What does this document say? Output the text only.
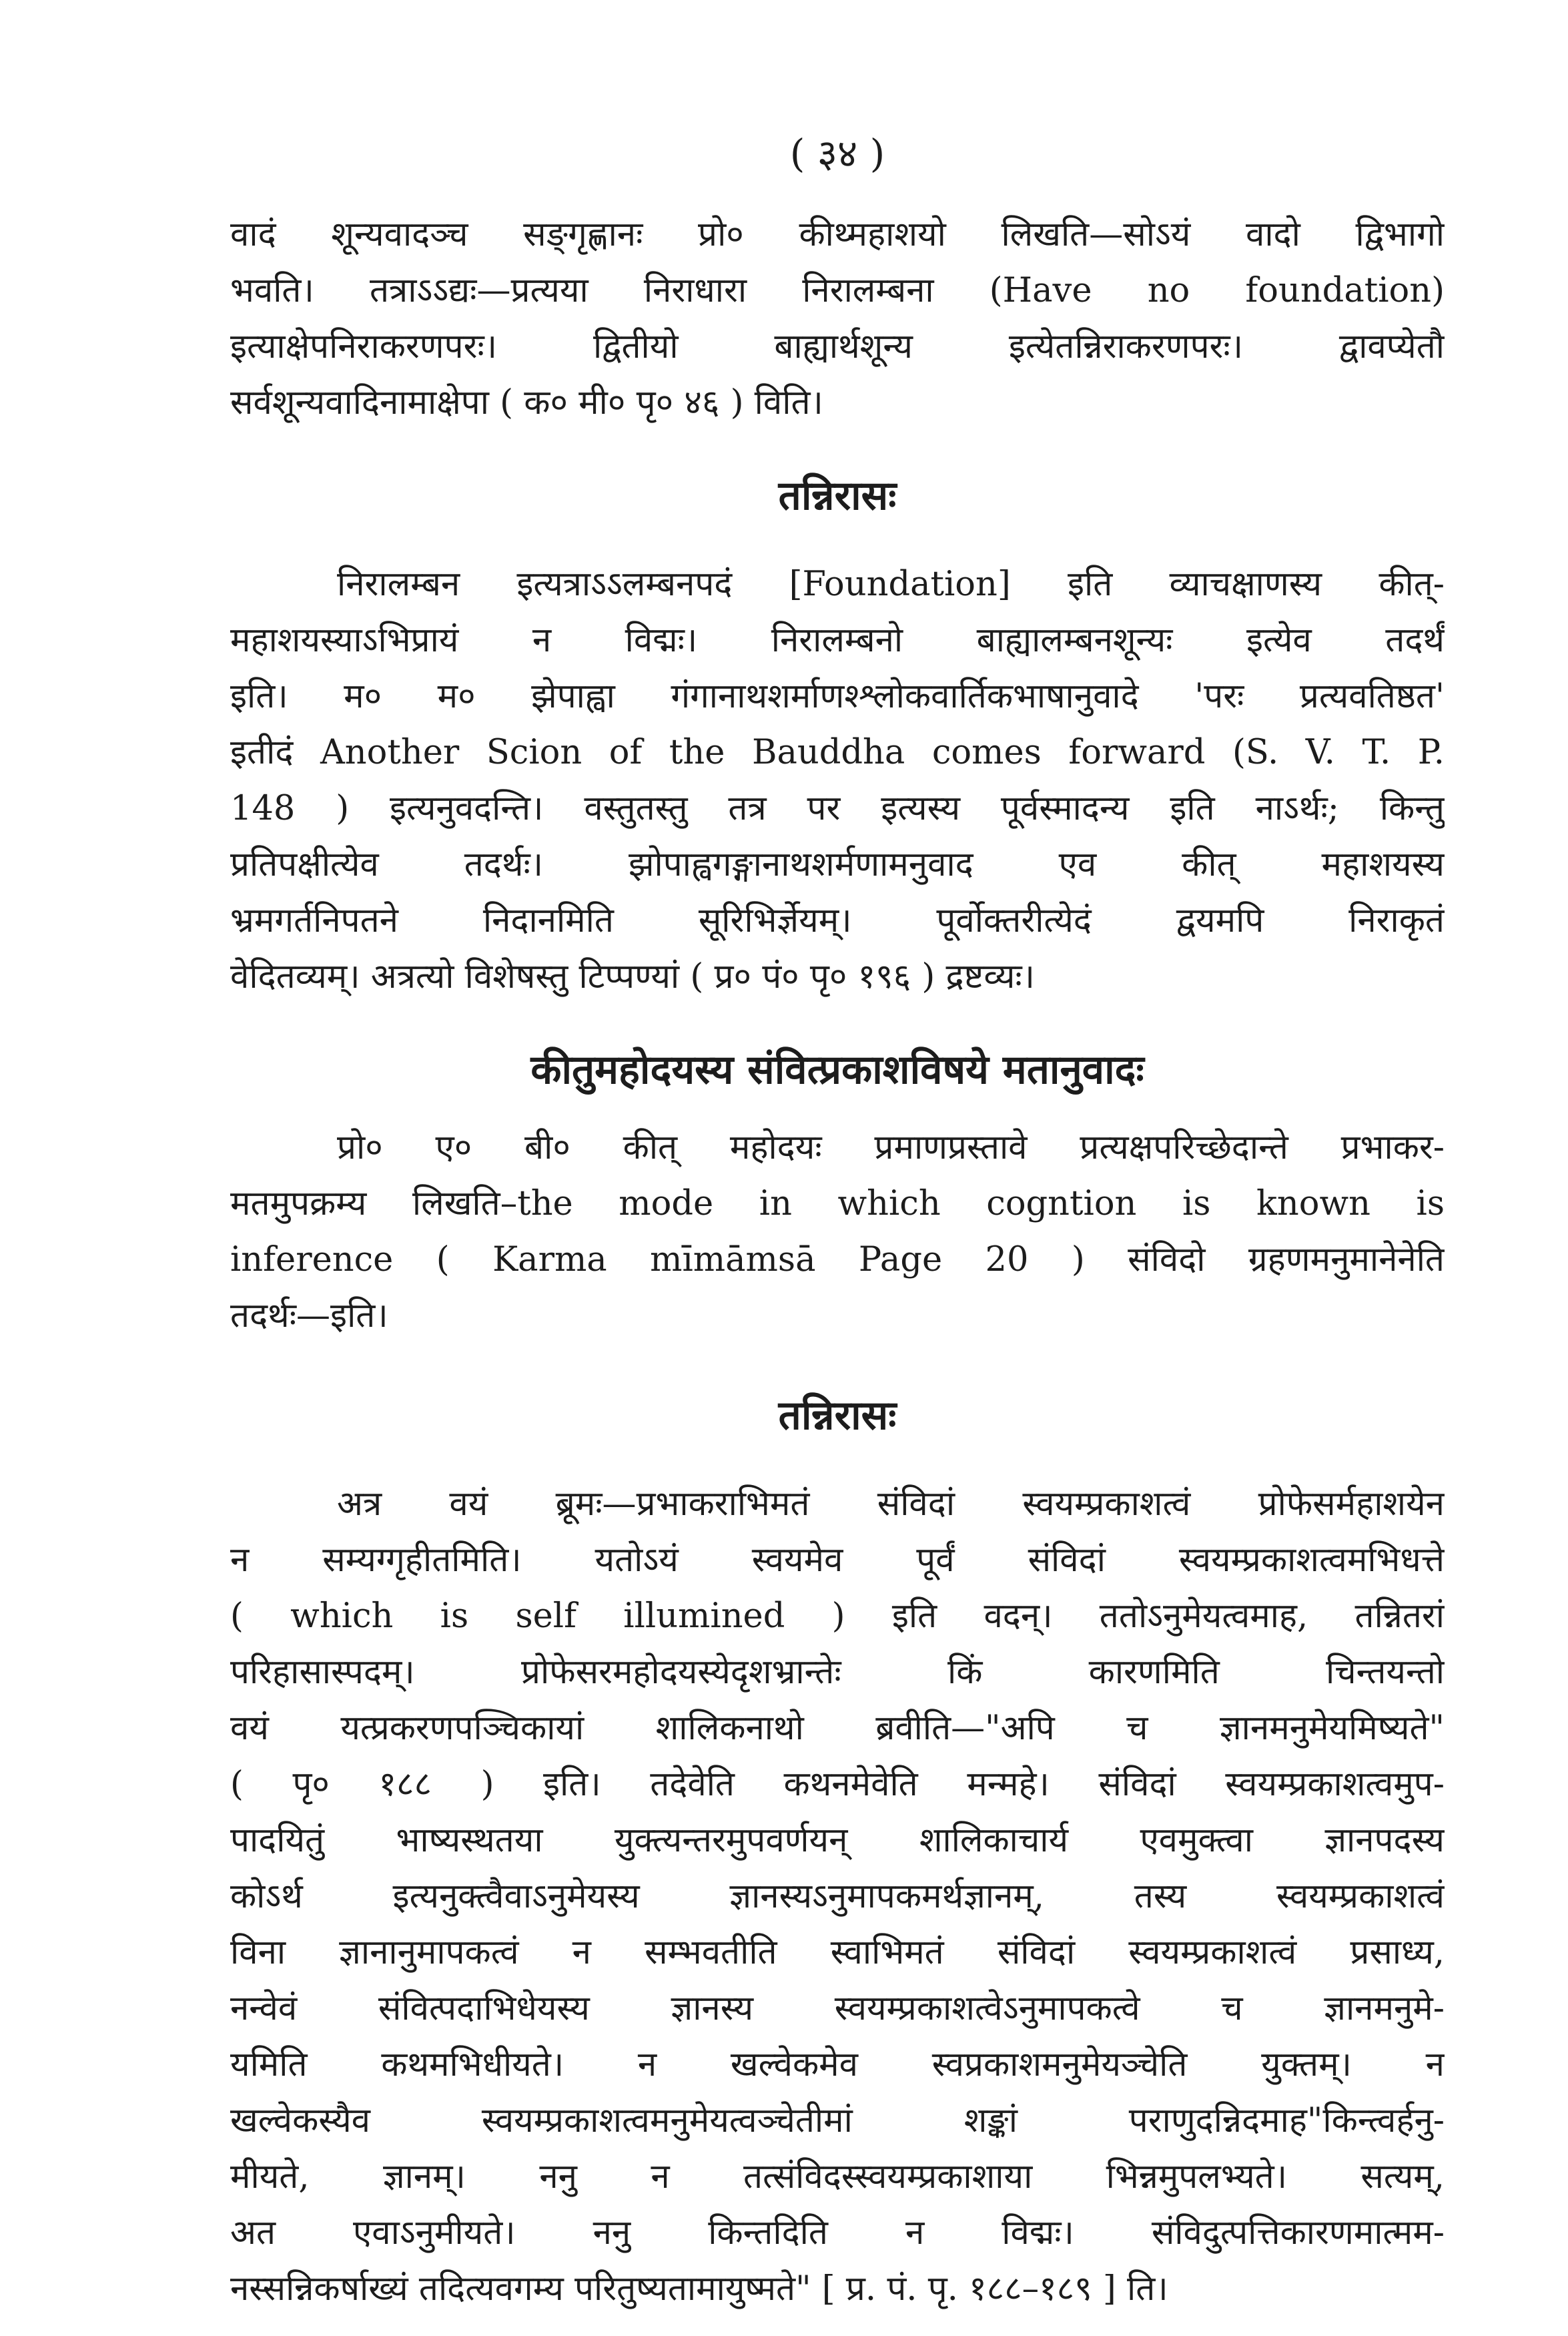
( ३४ )

वादं शून्यवादञ्च सङ्गृह्णानः प्रो० कीथ्महाशयो लिखति—सोऽयं वादो द्विभागो
भवति। तत्राऽऽद्यः—प्रत्यया निराधारा निरालम्बना (Have no foundation)
इत्याक्षेपनिराकरणपरः। द्वितीयो बाह्यार्थशून्य इत्येतन्निराकरणपरः। द्वावप्येतौ
सर्वशून्यवादिनामाक्षेपा ( क० मी० पृ० ४६ ) विति।

तन्निरासः

निरालम्बन इत्यत्राऽऽलम्बनपदं [Foundation] इति व्याचक्षाणस्य कीत्-
महाशयस्याऽभिप्रायं न विद्मः। निरालम्बनो बाह्यालम्बनशून्यः इत्येव तदर्थं
इति। म० म० झेपाह्वा गंगानाथशर्माणश्श्लोकवार्तिकभाषानुवादे 'परः प्रत्यवतिष्ठत'
इतीदं Another Scion of the Bauddha comes forward (S. V. T. P.
148 ) इत्यनुवदन्ति। वस्तुतस्तु तत्र पर इत्यस्य पूर्वस्मादन्य इति नाऽर्थः; किन्तु
प्रतिपक्षीत्येव तदर्थः। झोपाह्वगङ्गानाथशर्मणामनुवाद एव कीत् महाशयस्य
भ्रमगर्तनिपतने निदानमिति सूरिभिर्ज्ञेयम्। पूर्वोक्तरीत्येदं द्वयमपि निराकृतं
वेदितव्यम्। अत्रत्यो विशेषस्तु टिप्पण्यां ( प्र० पं० पृ० १९६ ) द्रष्टव्यः।

कीतुमहोदयस्य संवित्प्रकाशविषये मतानुवादः

प्रो० ए० बी० कीत् महोदयः प्रमाणप्रस्तावे प्रत्यक्षपरिच्छेदान्ते प्रभाकर-
मतमुपक्रम्य लिखति–the mode in which cogntion is known is
inference ( Karma mīmāmsā Page 20 ) संविदो ग्रहणमनुमानेनेति
तदर्थः—इति।

तन्निरासः

अत्र वयं ब्रूमः—प्रभाकराभिमतं संविदां स्वयम्प्रकाशत्वं प्रोफेसर्महाशयेन
न सम्यग्गृहीतमिति। यतोऽयं स्वयमेव पूर्वं संविदां स्वयम्प्रकाशत्वमभिधत्ते
( which is self illumined ) इति वदन्। ततोऽनुमेयत्वमाह, तन्नितरां
परिहासास्पदम्। प्रोफेसरमहोदयस्येदृशभ्रान्तेः किं कारणमिति चिन्तयन्तो
वयं यत्प्रकरणपञ्चिकायां शालिकनाथो ब्रवीति—"अपि च ज्ञानमनुमेयमिष्यते"
( पृ० १८८ ) इति। तदेवेति कथनमेवेति मन्महे। संविदां स्वयम्प्रकाशत्वमुप-
पादयितुं भाष्यस्थतया युक्त्यन्तरमुपवर्णयन् शालिकाचार्य एवमुक्त्वा ज्ञानपदस्य
कोऽर्थ इत्यनुक्त्वैवाऽनुमेयस्य ज्ञानस्यऽनुमापकमर्थज्ञानम्, तस्य स्वयम्प्रकाशत्वं
विना ज्ञानानुमापकत्वं न सम्भवतीति स्वाभिमतं संविदां स्वयम्प्रकाशत्वं प्रसाध्य,
नन्वेवं संवित्पदाभिधेयस्य ज्ञानस्य स्वयम्प्रकाशत्वेऽनुमापकत्वे च ज्ञानमनुमे-
यमिति कथमभिधीयते। न खल्वेकमेव स्वप्रकाशमनुमेयञ्चेति युक्तम्। न
खल्वेकस्यैव स्वयम्प्रकाशत्वमनुमेयत्वञ्चेतीमां शङ्कां पराणुदन्निदमाह"किन्त्वर्हनु-
मीयते, ज्ञानम्। ननु न तत्संविदस्स्वयम्प्रकाशाया भिन्नमुपलभ्यते। सत्यम्,
अत एवाऽनुमीयते। ननु किन्तदिति न विद्मः। संविदुत्पत्तिकारणमात्मम-
नस्सन्निकर्षाख्यं तदित्यवगम्य परितुष्यतामायुष्मते" [ प्र. पं. पृ. १८८–१८९ ] ति।
